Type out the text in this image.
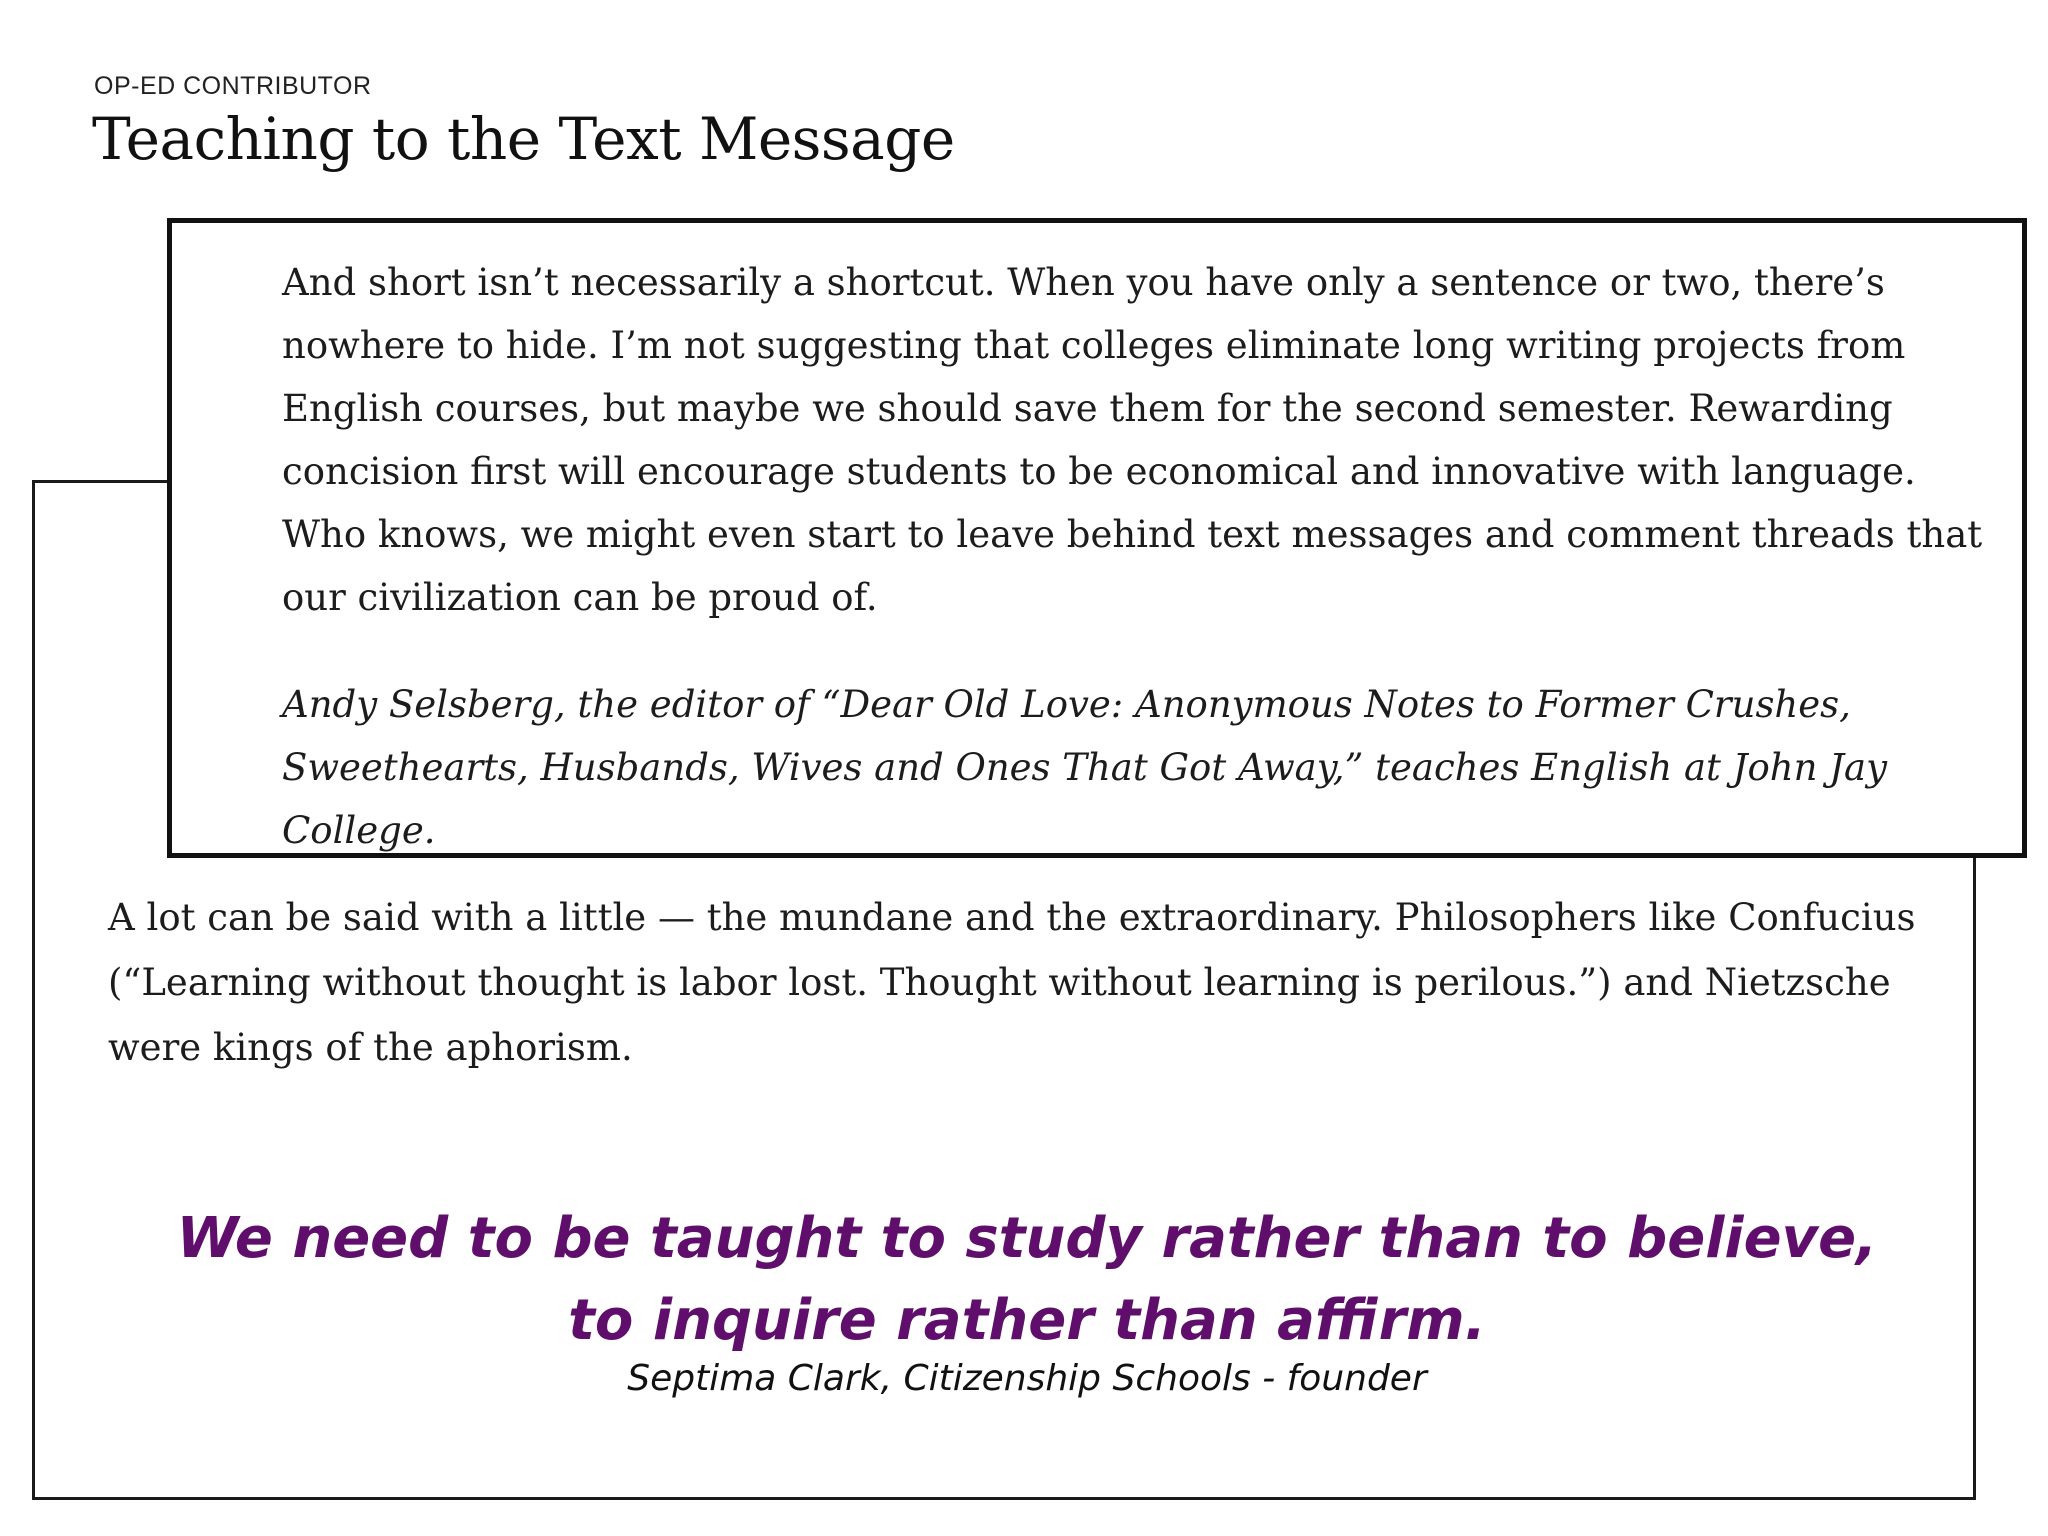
OP-ED CONTRIBUTOR
Teaching to the Text Message

And short isn’t necessarily a shortcut. When you have only a sentence or two, there’s nowhere to hide. I’m not suggesting that colleges eliminate long writing projects from English courses, but maybe we should save them for the second semester. Rewarding concision first will encourage students to be economical and innovative with language. Who knows, we might even start to leave behind text messages and comment threads that our civilization can be proud of.

Andy Selsberg, the editor of “Dear Old Love: Anonymous Notes to Former Crushes, Sweethearts, Husbands, Wives and Ones That Got Away,” teaches English at John Jay College.

A lot can be said with a little — the mundane and the extraordinary. Philosophers like Confucius (“Learning without thought is labor lost. Thought without learning is perilous.”) and Nietzsche were kings of the aphorism.

We need to be taught to study rather than to believe,
to inquire rather than affirm.
Septima Clark, Citizenship Schools - founder
